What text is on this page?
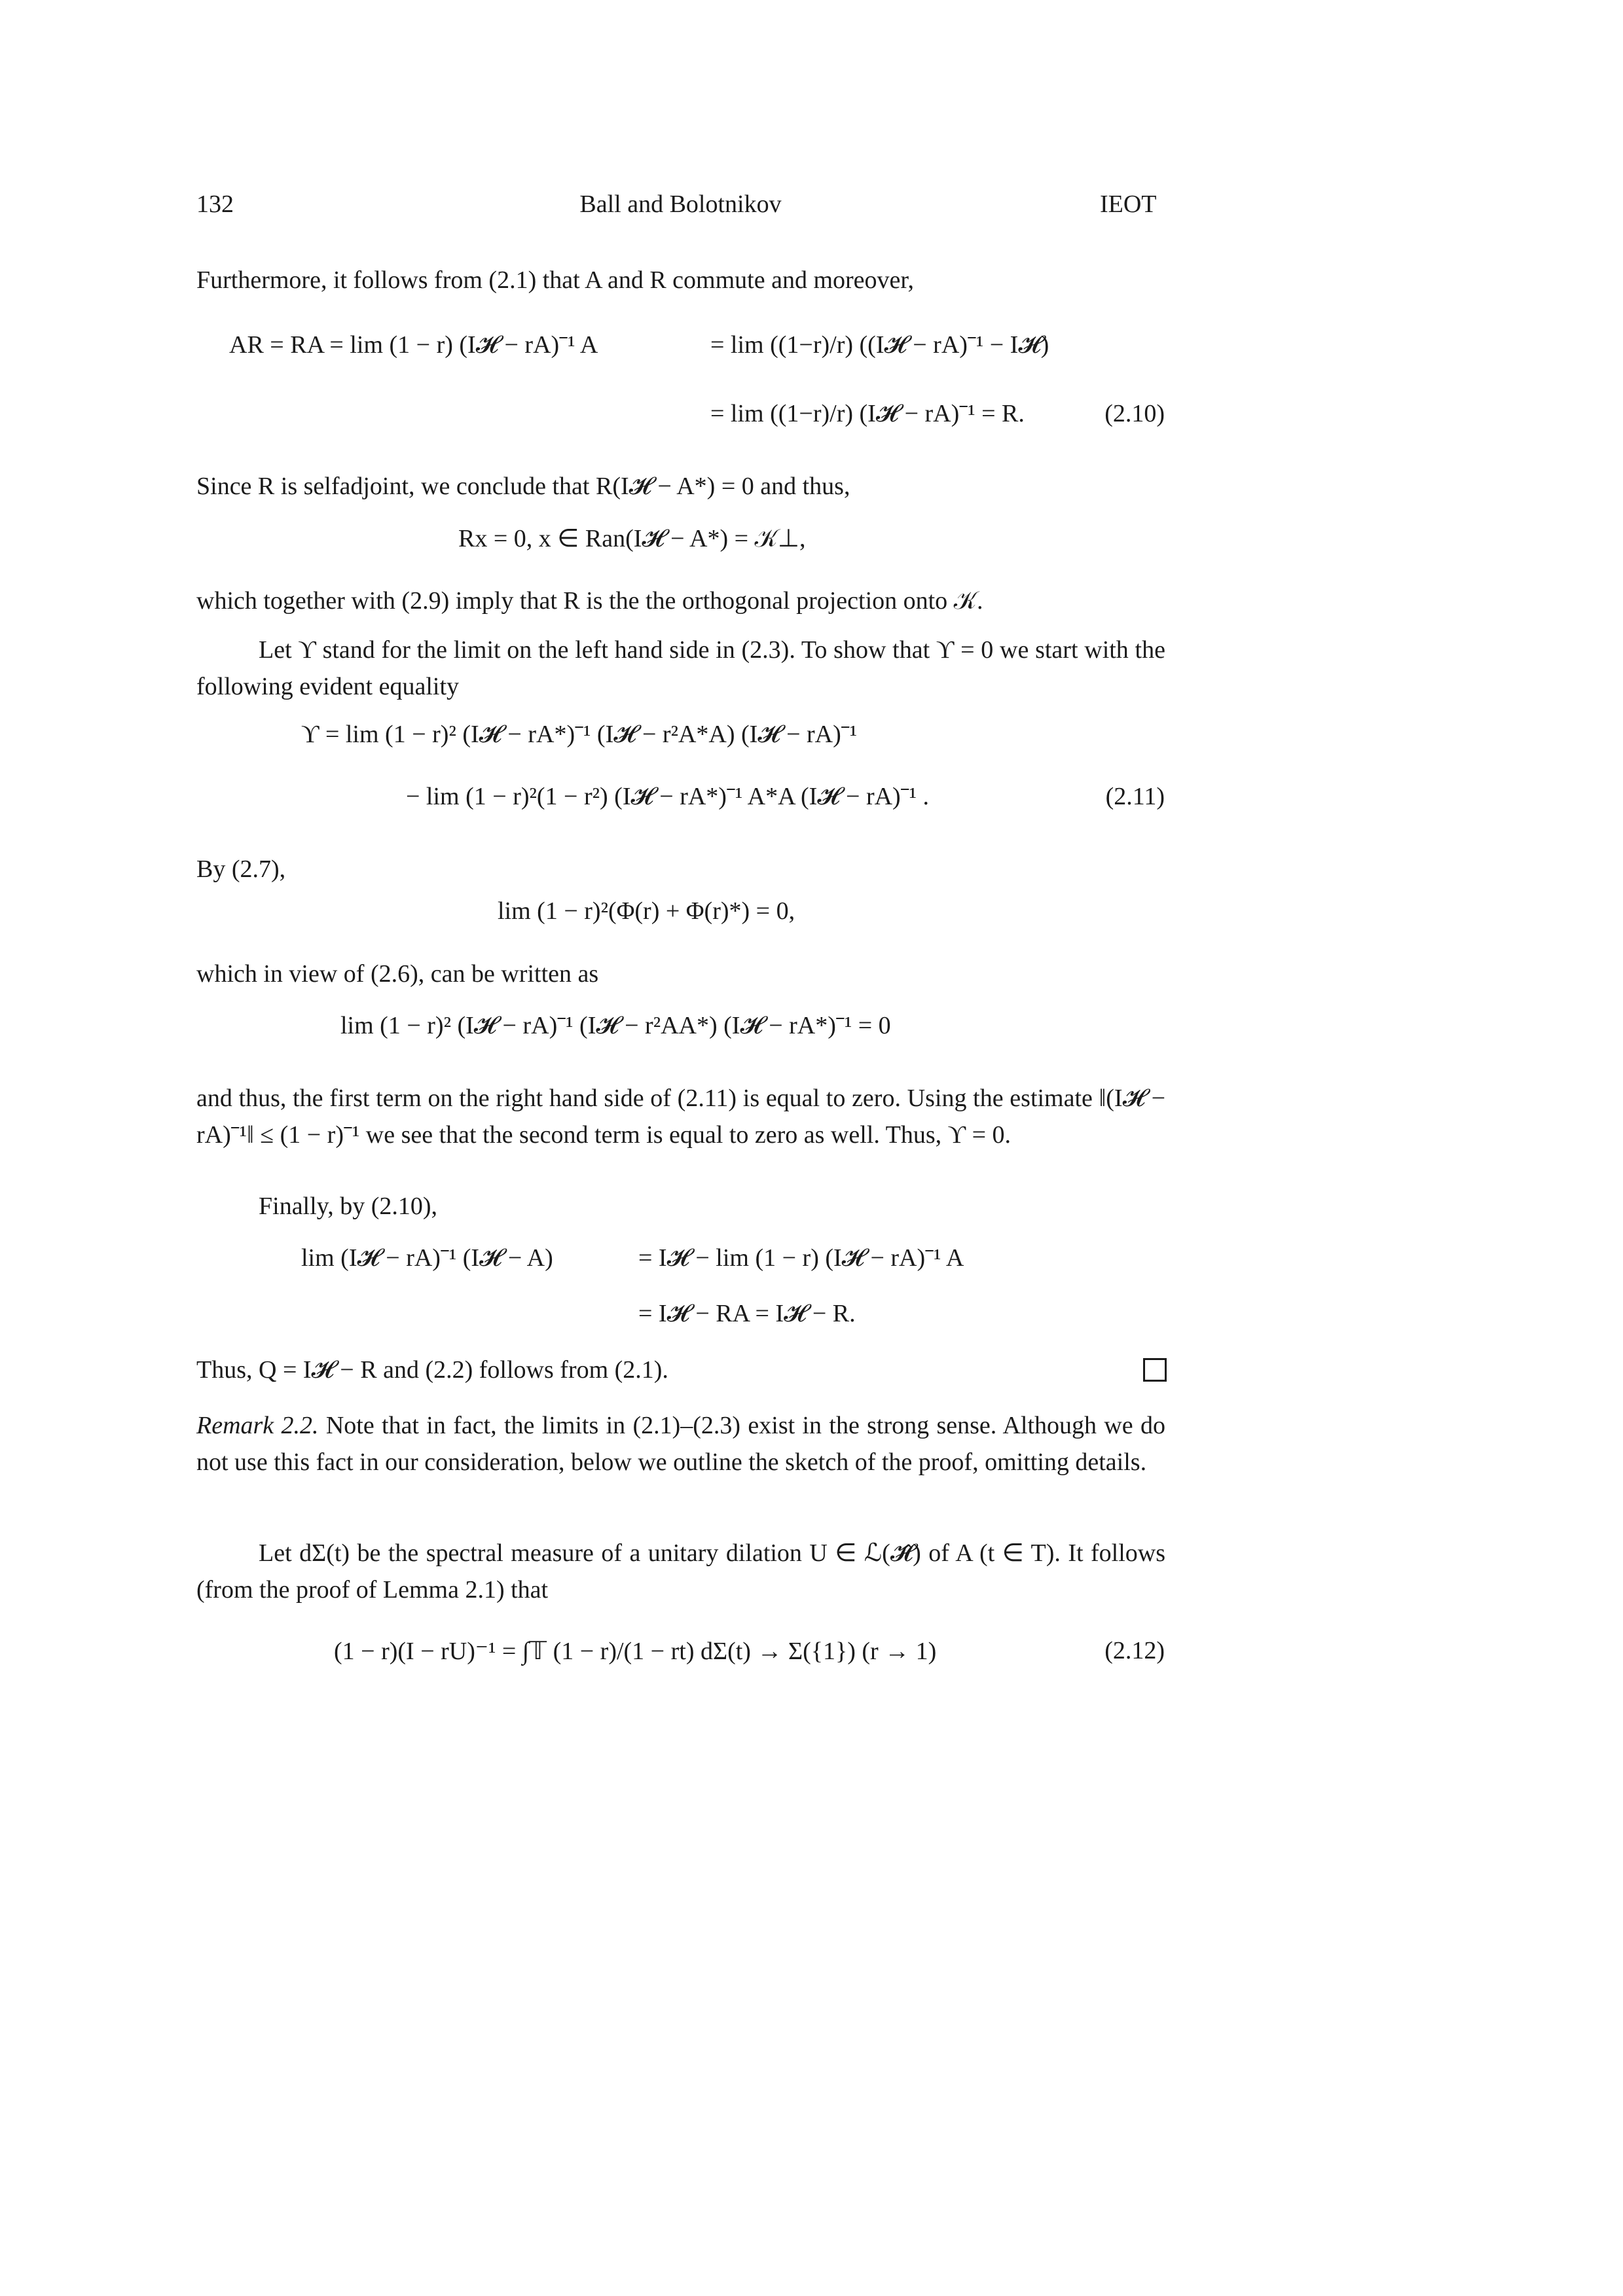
132	Ball and Bolotnikov	IEOT
Furthermore, it follows from (2.1) that A and R commute and moreover,
AR = RA = lim (1 − r) (I𝓗 − rA)⁻¹ A	= lim ((1−r)/r) ((I𝓗 − rA)⁻¹ − I𝓗)
= lim ((1−r)/r) (I𝓗 − rA)⁻¹ = R.	(2.10)
Since R is selfadjoint, we conclude that R(I𝓗 − A*) = 0 and thus,
Rx = 0, x ∈ Ran(I𝓗 − A*) = 𝒦⊥,
which together with (2.9) imply that R is the the orthogonal projection onto 𝒦.
Let ϒ stand for the limit on the left hand side in (2.3). To show that ϒ = 0 we start with the following evident equality
ϒ = lim (1 − r)² (I𝓗 − rA*)⁻¹ (I𝓗 − r²A*A) (I𝓗 − rA)⁻¹
− lim (1 − r)²(1 − r²) (I𝓗 − rA*)⁻¹ A*A (I𝓗 − rA)⁻¹ .	(2.11)
By (2.7),
lim (1 − r)²(Φ(r) + Φ(r)*) = 0,
which in view of (2.6), can be written as
lim (1 − r)² (I𝓗 − rA)⁻¹ (I𝓗 − r²AA*) (I𝓗 − rA*)⁻¹ = 0
and thus, the first term on the right hand side of (2.11) is equal to zero. Using the estimate ‖(I𝓗 − rA)⁻¹‖ ≤ (1 − r)⁻¹ we see that the second term is equal to zero as well. Thus, ϒ = 0.
Finally, by (2.10),
lim (I𝓗 − rA)⁻¹ (I𝓗 − A)	= I𝓗 − lim (1 − r) (I𝓗 − rA)⁻¹ A
= I𝓗 − RA = I𝓗 − R.
Thus, Q = I𝓗 − R and (2.2) follows from (2.1).
Remark 2.2. Note that in fact, the limits in (2.1)–(2.3) exist in the strong sense. Although we do not use this fact in our consideration, below we outline the sketch of the proof, omitting details.
Let dΣ(t) be the spectral measure of a unitary dilation U ∈ ℒ(𝓗̂) of A (t ∈ T). It follows (from the proof of Lemma 2.1) that
(1 − r)(I − rU)⁻¹ = ∫𝕋 (1 − r)/(1 − rt) dΣ(t) → Σ({1}) (r → 1)	(2.12)
